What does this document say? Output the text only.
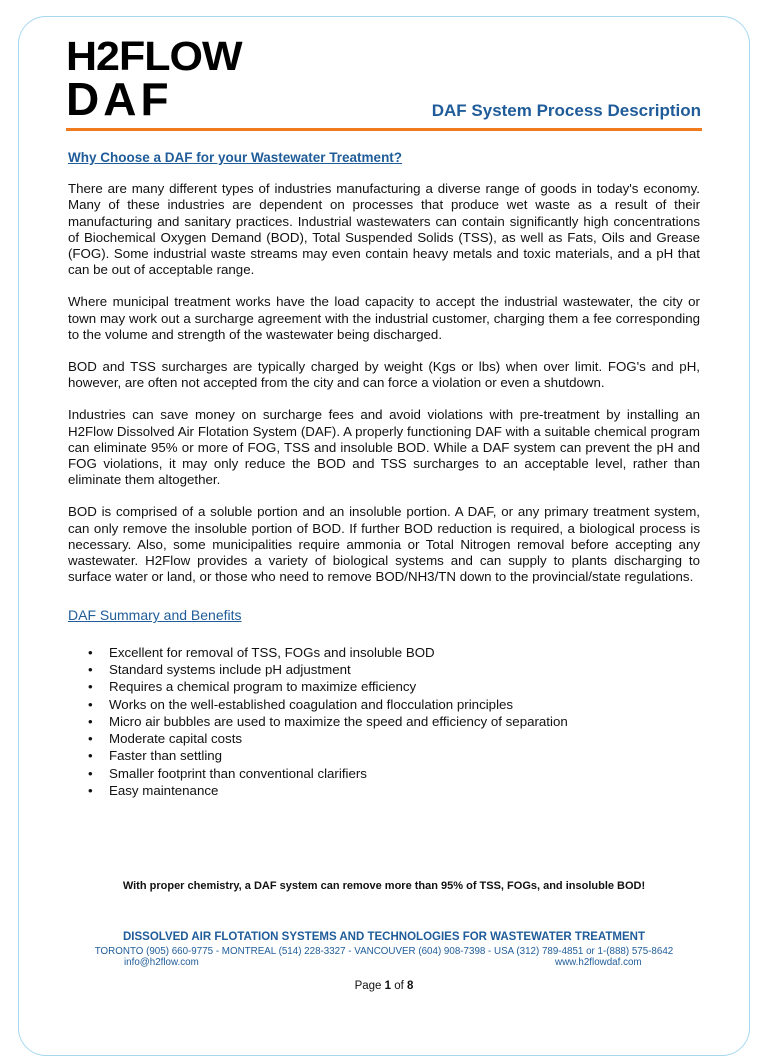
H2FLOW
DAF	DAF System Process Description
Why Choose a DAF for your Wastewater Treatment?

There are many different types of industries manufacturing a diverse range of goods in today's economy. Many of these industries are dependent on processes that produce wet waste as a result of their manufacturing and sanitary practices. Industrial wastewaters can contain significantly high concentrations of Biochemical Oxygen Demand (BOD), Total Suspended Solids (TSS), as well as Fats, Oils and Grease (FOG). Some industrial waste streams may even contain heavy metals and toxic materials, and a pH that can be out of acceptable range.

Where municipal treatment works have the load capacity to accept the industrial wastewater, the city or town may work out a surcharge agreement with the industrial customer, charging them a fee corresponding to the volume and strength of the wastewater being discharged.

BOD and TSS surcharges are typically charged by weight (Kgs or lbs) when over limit. FOG's and pH, however, are often not accepted from the city and can force a violation or even a shutdown.

Industries can save money on surcharge fees and avoid violations with pre-treatment by installing an H2Flow Dissolved Air Flotation System (DAF). A properly functioning DAF with a suitable chemical program can eliminate 95% or more of FOG, TSS and insoluble BOD. While a DAF system can prevent the pH and FOG violations, it may only reduce the BOD and TSS surcharges to an acceptable level, rather than eliminate them altogether.

BOD is comprised of a soluble portion and an insoluble portion. A DAF, or any primary treatment system, can only remove the insoluble portion of BOD. If further BOD reduction is required, a biological process is necessary. Also, some municipalities require ammonia or Total Nitrogen removal before accepting any wastewater. H2Flow provides a variety of biological systems and can supply to plants discharging to surface water or land, or those who need to remove BOD/NH3/TN down to the provincial/state regulations.

DAF Summary and Benefits
• Excellent for removal of TSS, FOGs and insoluble BOD
• Standard systems include pH adjustment
• Requires a chemical program to maximize efficiency
• Works on the well-established coagulation and flocculation principles
• Micro air bubbles are used to maximize the speed and efficiency of separation
• Moderate capital costs
• Faster than settling
• Smaller footprint than conventional clarifiers
• Easy maintenance
With proper chemistry, a DAF system can remove more than 95% of TSS, FOGs, and insoluble BOD!
DISSOLVED AIR FLOTATION SYSTEMS AND TECHNOLOGIES FOR WASTEWATER TREATMENT
TORONTO (905) 660-9775 - MONTREAL (514) 228-3327 - VANCOUVER (604) 908-7398 - USA (312) 789-4851 or 1-(888) 575-8642
info@h2flow.com	www.h2flowdaf.com
Page 1 of 8
